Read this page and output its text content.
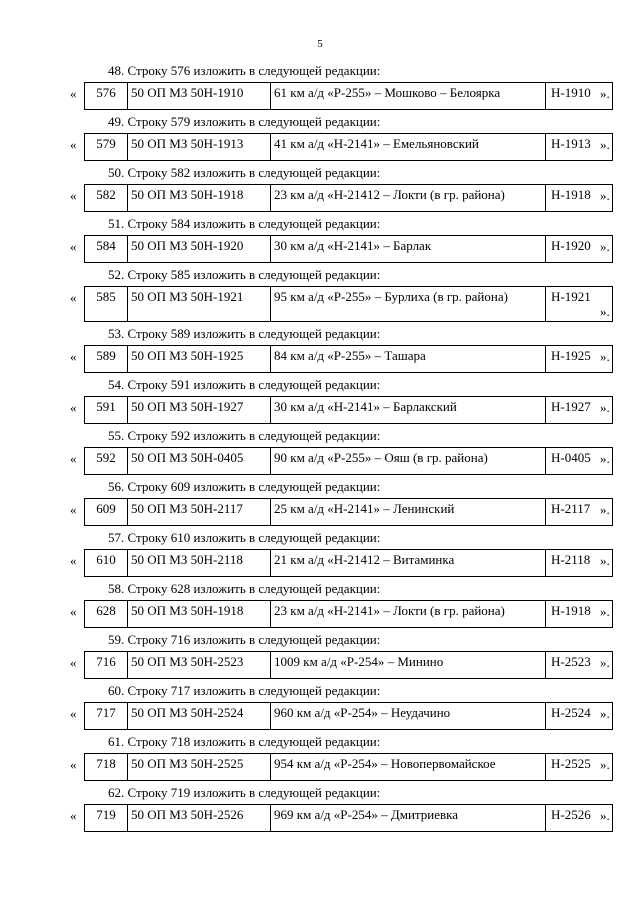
5
48. Строку 576 изложить в следующей редакции:
« 576	50 ОП МЗ 50Н-1910	61 км а/д «Р-255» – Мошково – Белоярка	Н-1910 ».
49. Строку 579 изложить в следующей редакции:
« 579	50 ОП МЗ 50Н-1913	41 км а/д «Н-2141» – Емельяновский	Н-1913 ».
50. Строку 582 изложить в следующей редакции:
« 582	50 ОП МЗ 50Н-1918	23 км а/д «Н-21412 – Локти (в гр. района)	Н-1918 ».
51. Строку 584 изложить в следующей редакции:
« 584	50 ОП МЗ 50Н-1920	30 км а/д «Н-2141» – Барлак	Н-1920 ».
52. Строку 585 изложить в следующей редакции:
« 585	50 ОП МЗ 50Н-1921	95 км а/д «Р-255» – Бурлиха (в гр. района)	Н-1921
».
53. Строку 589 изложить в следующей редакции:
« 589	50 ОП МЗ 50Н-1925	84 км а/д «Р-255» – Ташара	Н-1925 ».
54. Строку 591 изложить в следующей редакции:
« 591	50 ОП МЗ 50Н-1927	30 км а/д «Н-2141» – Барлакский	Н-1927 ».
55. Строку 592 изложить в следующей редакции:
« 592	50 ОП МЗ 50Н-0405	90 км а/д «Р-255» – Ояш (в гр. района)	Н-0405 ».
56. Строку 609 изложить в следующей редакции:
« 609	50 ОП МЗ 50Н-2117	25 км а/д «Н-2141» – Ленинский	Н-2117 ».
57. Строку 610 изложить в следующей редакции:
« 610	50 ОП МЗ 50Н-2118	21 км а/д «Н-21412 – Витаминка	Н-2118 ».
58. Строку 628 изложить в следующей редакции:
« 628	50 ОП МЗ 50Н-1918	23 км а/д «Н-2141» – Локти (в гр. района)	Н-1918 ».
59. Строку 716 изложить в следующей редакции:
« 716	50 ОП МЗ 50Н-2523	1009 км а/д «Р-254» – Минино	Н-2523 ».
60. Строку 717 изложить в следующей редакции:
« 717	50 ОП МЗ 50Н-2524	960 км а/д «Р-254» – Неудачино	Н-2524 ».
61. Строку 718 изложить в следующей редакции:
« 718	50 ОП МЗ 50Н-2525	954 км а/д «Р-254» – Новопервомайское	Н-2525 ».
62. Строку 719 изложить в следующей редакции:
« 719	50 ОП МЗ 50Н-2526	969 км а/д «Р-254» – Дмитриевка	Н-2526 ».
